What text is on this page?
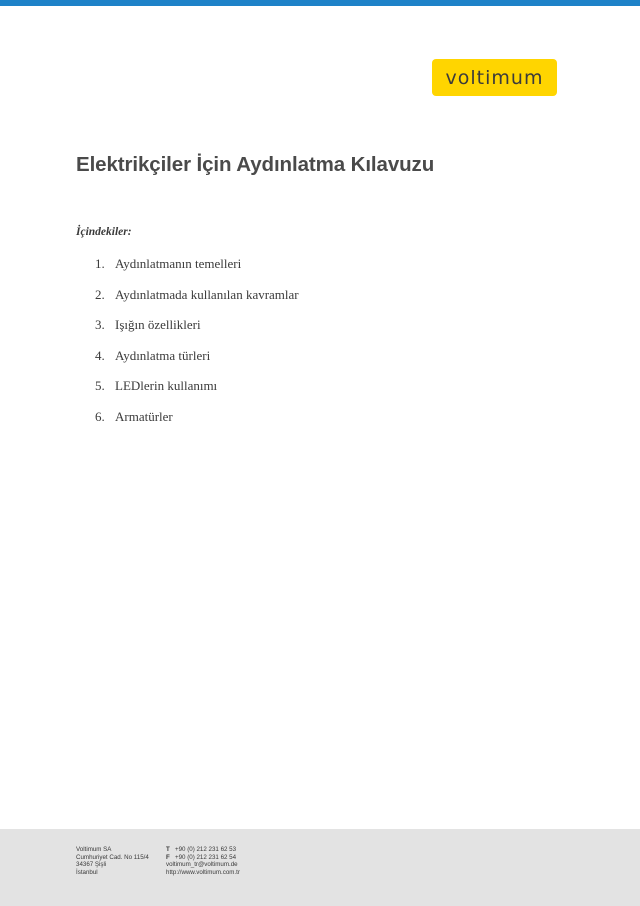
voltimum
Elektrikçiler İçin Aydınlatma Kılavuzu
İçindekiler:
1. Aydınlatmanın temelleri
2. Aydınlatmada kullanılan kavramlar
3. Işığın özellikleri
4. Aydınlatma türleri
5. LEDlerin kullanımı
6. Armatürler
Voltimum SA
Cumhuriyet Cad. No 115/4
34367 Şişli
İstanbul
T +90 (0) 212 231 62 53
F +90 (0) 212 231 62 54
voltimum_tr@voltimum.de
http://www.voltimum.com.tr
